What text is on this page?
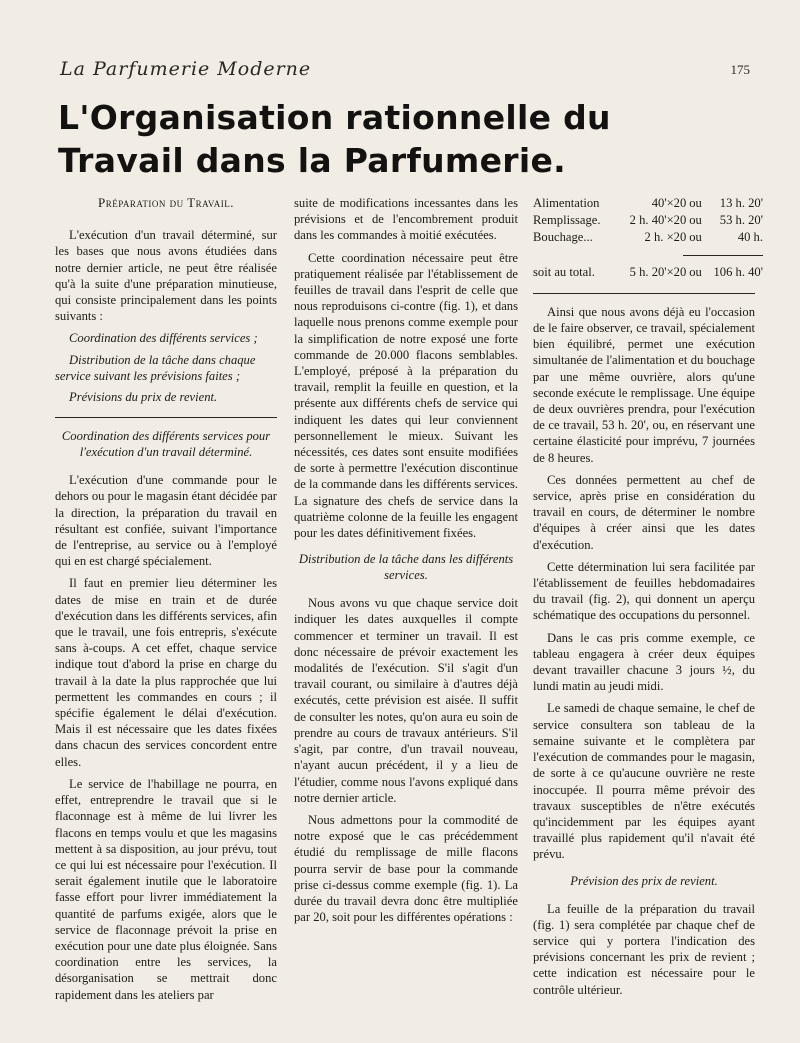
La Parfumerie Moderne	175
L'Organisation rationnelle du Travail dans la Parfumerie.
Préparation du Travail.

L'exécution d'un travail déterminé, sur les bases que nous avons étudiées dans notre dernier article, ne peut être réalisée qu'à la suite d'une préparation minutieuse, qui consiste principalement dans les points suivants :

Coordination des différents services ;

Distribution de la tâche dans chaque service suivant les prévisions faites ;

Prévisions du prix de revient.

Coordination des différents services pour l'exécution d'un travail déterminé.

L'exécution d'une commande pour le dehors ou pour le magasin étant décidée par la direction, la préparation du travail en résultant est confiée, suivant l'importance de l'entreprise, au service ou à l'employé qui en est chargé spécialement.

Il faut en premier lieu déterminer les dates de mise en train et de durée d'exécution dans les différents services, afin que le travail, une fois entrepris, s'exécute sans à-coups. A cet effet, chaque service indique tout d'abord la prise en charge du travail à la date la plus rapprochée que lui permettent les commandes en cours ; il spécifie également le délai d'exécution. Mais il est nécessaire que les dates fixées dans chacun des services concordent entre elles.

Le service de l'habillage ne pourra, en effet, entreprendre le travail que si le flaconnage est à même de lui livrer les flacons en temps voulu et que les magasins mettent à sa disposition, au jour prévu, tout ce qui lui est nécessaire pour l'exécution. Il serait également inutile que le laboratoire fasse effort pour livrer immédiatement la quantité de parfums exigée, alors que le service de flaconnage prévoit la prise en exécution pour une date plus éloignée. Sans coordination entre les services, la désorganisation se mettrait donc rapidement dans les ateliers par

suite de modifications incessantes dans les prévisions et de l'encombrement produit dans les commandes à moitié exécutées.

Cette coordination nécessaire peut être pratiquement réalisée par l'établissement de feuilles de travail dans l'esprit de celle que nous reproduisons ci-contre (fig. 1), et dans laquelle nous prenons comme exemple pour la simplification de notre exposé une forte commande de 20.000 flacons semblables. L'employé, préposé à la préparation du travail, remplit la feuille en question, et la présente aux différents chefs de service qui indiquent les dates qui leur conviennent personnellement le mieux. Suivant les nécessités, ces dates sont ensuite modifiées de sorte à permettre l'exécution discontinue de la commande dans les différents services. La signature des chefs de service dans la quatrième colonne de la feuille les engagent pour les dates définitivement fixées.

Distribution de la tâche dans les différents services.

Nous avons vu que chaque service doit indiquer les dates auxquelles il compte commencer et terminer un travail. Il est donc nécessaire de prévoir exactement les modalités de l'exécution. S'il s'agit d'un travail courant, ou similaire à d'autres déjà exécutés, cette prévision est aisée. Il suffit de consulter les notes, qu'on aura eu soin de prendre au cours de travaux antérieurs. S'il s'agit, par contre, d'un travail nouveau, n'ayant aucun précédent, il y a lieu de l'étudier, comme nous l'avons expliqué dans notre dernier article.

Nous admettons pour la commodité de notre exposé que le cas précédemment étudié du remplissage de mille flacons pourra servir de base pour la commande prise ci-dessus comme exemple (fig. 1). La durée du travail devra donc être multipliée par 20, soit pour les différentes opérations :

Alimentation	40'×20	ou	13 h. 20'
Remplissage.	2 h. 40'×20	ou	53 h. 20'
Bouchage...	2 h. ×20	ou	40 h.

soit au total.	5 h. 20'×20	ou	106 h. 40'

Ainsi que nous avons déjà eu l'occasion de le faire observer, ce travail, spécialement bien équilibré, permet une exécution simultanée de l'alimentation et du bouchage par une même ouvrière, alors qu'une seconde exécute le remplissage. Une équipe de deux ouvrières prendra, pour l'exécution de ce travail, 53 h. 20', ou, en réservant une certaine élasticité pour imprévu, 7 journées de 8 heures.

Ces données permettent au chef de service, après prise en considération du travail en cours, de déterminer le nombre d'équipes à créer ainsi que les dates d'exécution.

Cette détermination lui sera facilitée par l'établissement de feuilles hebdomadaires du travail (fig. 2), qui donnent un aperçu schématique des occupations du personnel.

Dans le cas pris comme exemple, ce tableau engagera à créer deux équipes devant travailler chacune 3 jours ½, du lundi matin au jeudi midi.

Le samedi de chaque semaine, le chef de service consultera son tableau de la semaine suivante et le complètera par l'exécution de commandes pour le magasin, de sorte à ce qu'aucune ouvrière ne reste inoccupée. Il pourra même prévoir des travaux susceptibles de n'être exécutés qu'incidemment par les équipes ayant travaillé plus rapidement qu'il n'avait été prévu.

Prévision des prix de revient.

La feuille de la préparation du travail (fig. 1) sera complétée par chaque chef de service qui y portera l'indication des prévisions concernant les prix de revient ; cette indication est nécessaire pour le contrôle ultérieur.
